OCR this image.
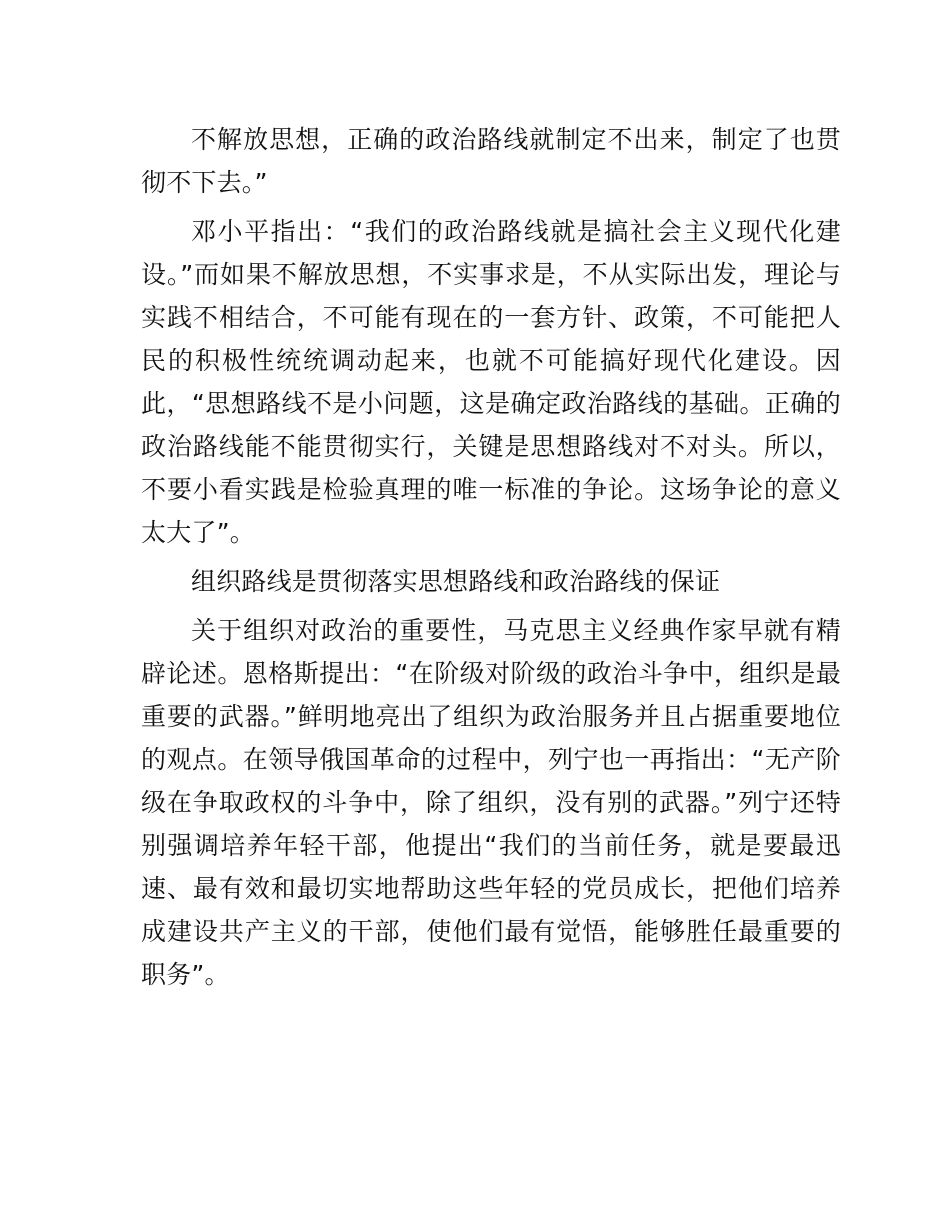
不解放思想，正确的政治路线就制定不出来，制定了也贯彻不下去。”

邓小平指出：“我们的政治路线就是搞社会主义现代化建设。”而如果不解放思想，不实事求是，不从实际出发，理论与实践不相结合，不可能有现在的一套方针、政策，不可能把人民的积极性统统调动起来，也就不可能搞好现代化建设。因此，“思想路线不是小问题，这是确定政治路线的基础。正确的政治路线能不能贯彻实行，关键是思想路线对不对头。所以，不要小看实践是检验真理的唯一标准的争论。这场争论的意义太大了”。

组织路线是贯彻落实思想路线和政治路线的保证

关于组织对政治的重要性，马克思主义经典作家早就有精辟论述。恩格斯提出：“在阶级对阶级的政治斗争中，组织是最重要的武器。”鲜明地亮出了组织为政治服务并且占据重要地位的观点。在领导俄国革命的过程中，列宁也一再指出：“无产阶级在争取政权的斗争中，除了组织，没有别的武器。”列宁还特别强调培养年轻干部，他提出“我们的当前任务，就是要最迅速、最有效和最切实地帮助这些年轻的党员成长，把他们培养成建设共产主义的干部，使他们最有觉悟，能够胜任最重要的职务”。
